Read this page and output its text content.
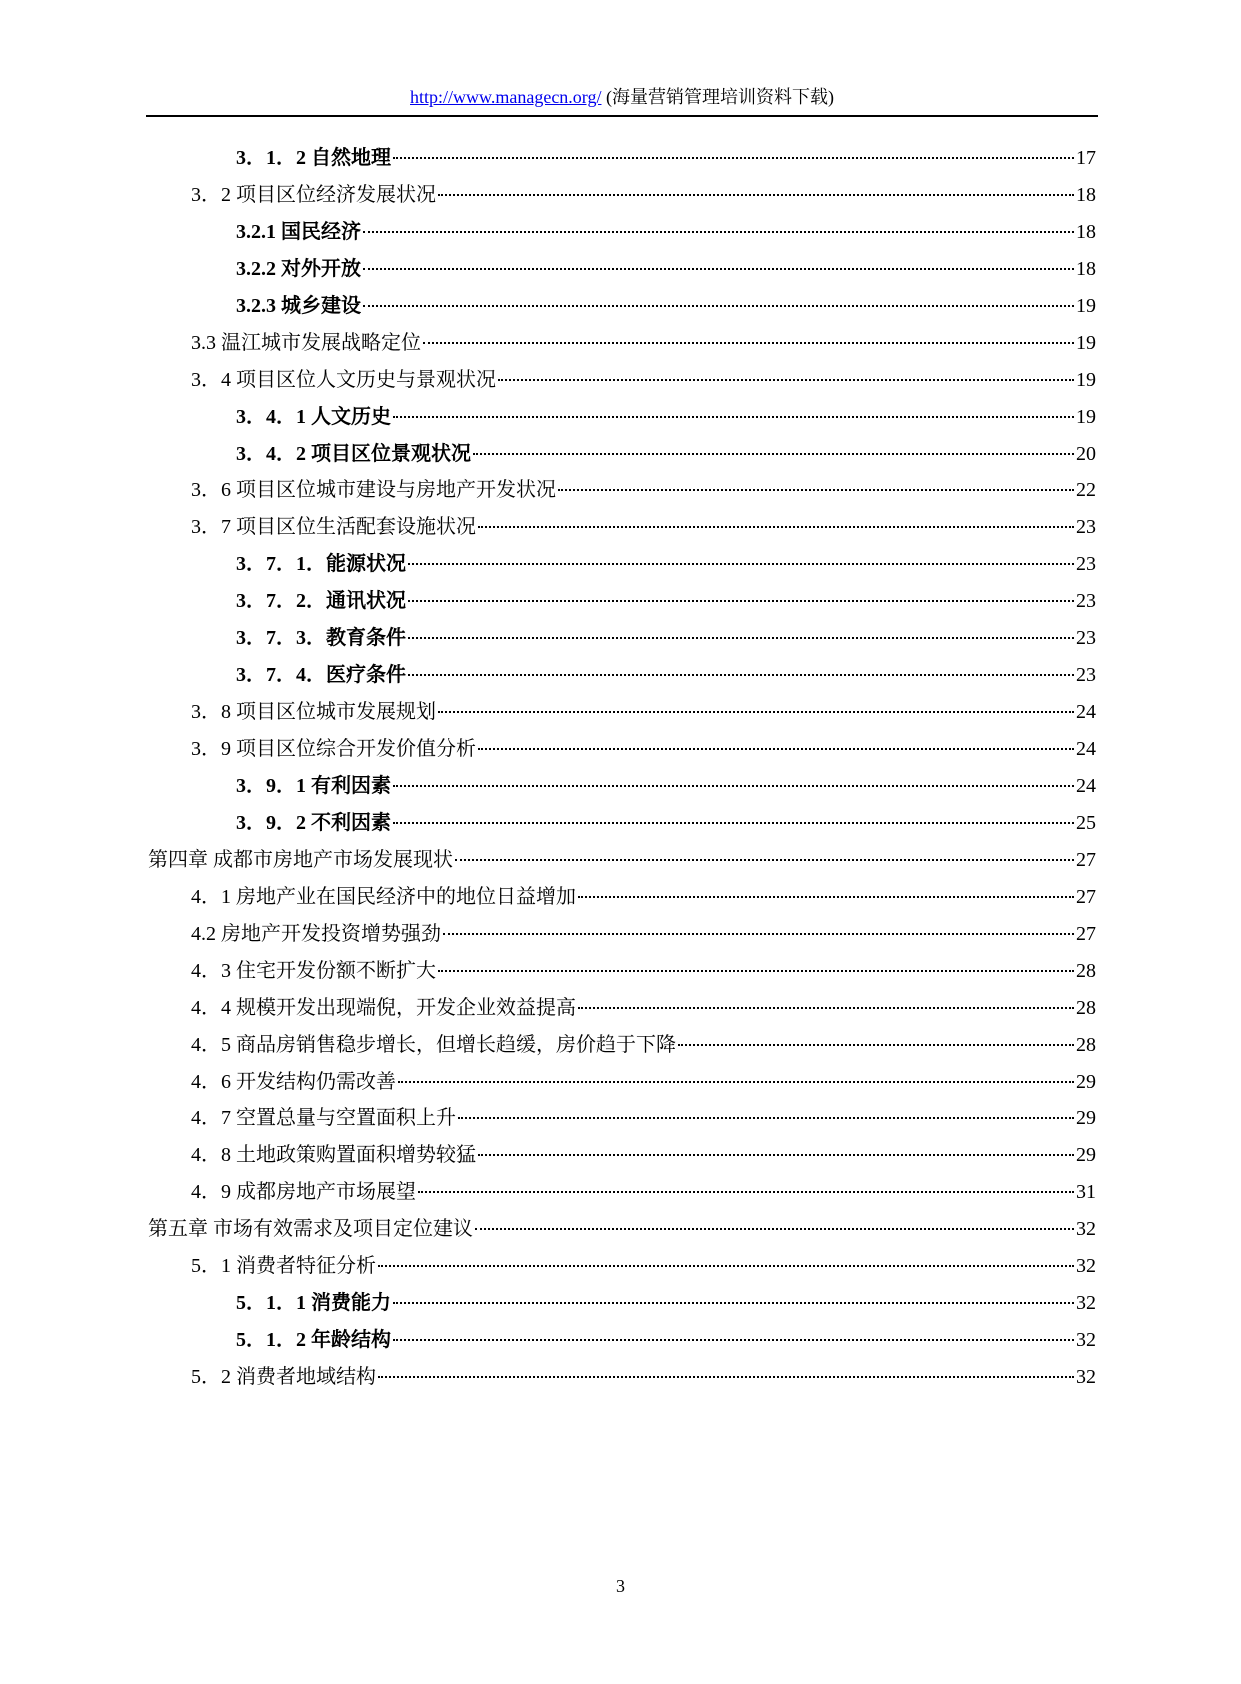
http://www.managecn.org/ (海量营销管理培训资料下载)
3．1．2 自然地理	17
3．2 项目区位经济发展状况	18
3.2.1 国民经济	18
3.2.2 对外开放	18
3.2.3 城乡建设	19
3.3 温江城市发展战略定位	19
3．4 项目区位人文历史与景观状况	19
3．4．1 人文历史	19
3．4．2 项目区位景观状况	20
3．6 项目区位城市建设与房地产开发状况	22
3．7 项目区位生活配套设施状况	23
3．7．1．能源状况	23
3．7．2．通讯状况	23
3．7．3．教育条件	23
3．7．4．医疗条件	23
3．8 项目区位城市发展规划	24
3．9 项目区位综合开发价值分析	24
3．9．1 有利因素	24
3．9．2 不利因素	25
第四章 成都市房地产市场发展现状	27
4．1 房地产业在国民经济中的地位日益增加	27
4.2 房地产开发投资增势强劲	27
4．3 住宅开发份额不断扩大	28
4．4 规模开发出现端倪，开发企业效益提高	28
4．5 商品房销售稳步增长，但增长趋缓，房价趋于下降	28
4．6 开发结构仍需改善	29
4．7 空置总量与空置面积上升	29
4．8 土地政策购置面积增势较猛	29
4．9 成都房地产市场展望	31
第五章 市场有效需求及项目定位建议	32
5．1 消费者特征分析	32
5．1．1 消费能力	32
5．1．2 年龄结构	32
5．2 消费者地域结构	32
3
